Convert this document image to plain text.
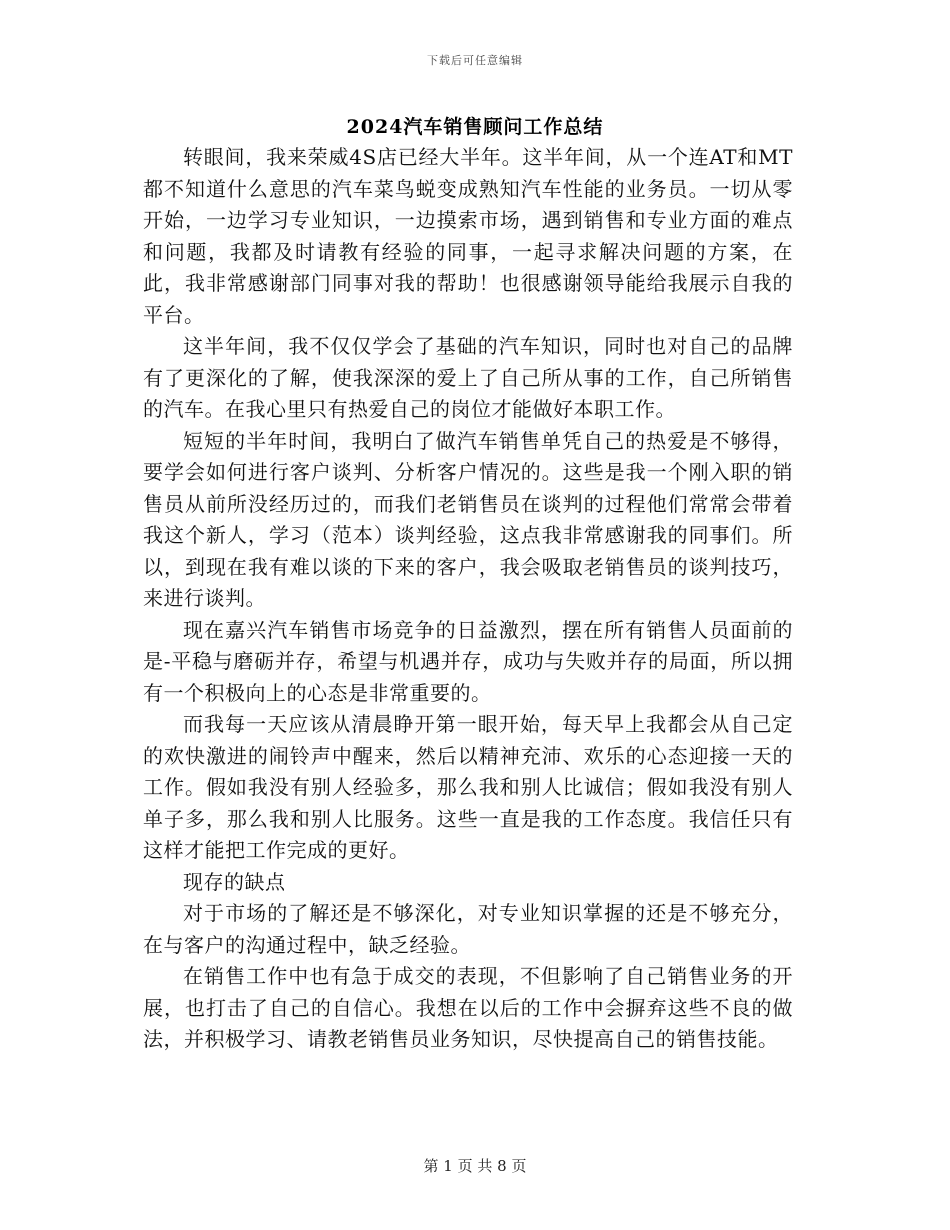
下载后可任意编辑
2024汽车销售顾问工作总结

转眼间，我来荣威4S店已经大半年。这半年间，从一个连AT和MT都不知道什么意思的汽车菜鸟蜕变成熟知汽车性能的业务员。一切从零开始，一边学习专业知识，一边摸索市场，遇到销售和专业方面的难点和问题，我都及时请教有经验的同事，一起寻求解决问题的方案，在此，我非常感谢部门同事对我的帮助！也很感谢领导能给我展示自我的平台。

这半年间，我不仅仅学会了基础的汽车知识，同时也对自己的品牌有了更深化的了解，使我深深的爱上了自己所从事的工作，自己所销售的汽车。在我心里只有热爱自己的岗位才能做好本职工作。

短短的半年时间，我明白了做汽车销售单凭自己的热爱是不够得，要学会如何进行客户谈判、分析客户情况的。这些是我一个刚入职的销售员从前所没经历过的，而我们老销售员在谈判的过程他们常常会带着我这个新人，学习（范本）谈判经验，这点我非常感谢我的同事们。所以，到现在我有难以谈的下来的客户，我会吸取老销售员的谈判技巧，来进行谈判。

现在嘉兴汽车销售市场竞争的日益激烈，摆在所有销售人员面前的是-平稳与磨砺并存，希望与机遇并存，成功与失败并存的局面，所以拥有一个积极向上的心态是非常重要的。

而我每一天应该从清晨睁开第一眼开始，每天早上我都会从自己定的欢快激进的闹铃声中醒来，然后以精神充沛、欢乐的心态迎接一天的工作。假如我没有别人经验多，那么我和别人比诚信；假如我没有别人单子多，那么我和别人比服务。这些一直是我的工作态度。我信任只有这样才能把工作完成的更好。

现存的缺点

对于市场的了解还是不够深化，对专业知识掌握的还是不够充分，在与客户的沟通过程中，缺乏经验。

在销售工作中也有急于成交的表现，不但影响了自己销售业务的开展，也打击了自己的自信心。我想在以后的工作中会摒弃这些不良的做法，并积极学习、请教老销售员业务知识，尽快提高自己的销售技能。

第 1 页 共 8 页
